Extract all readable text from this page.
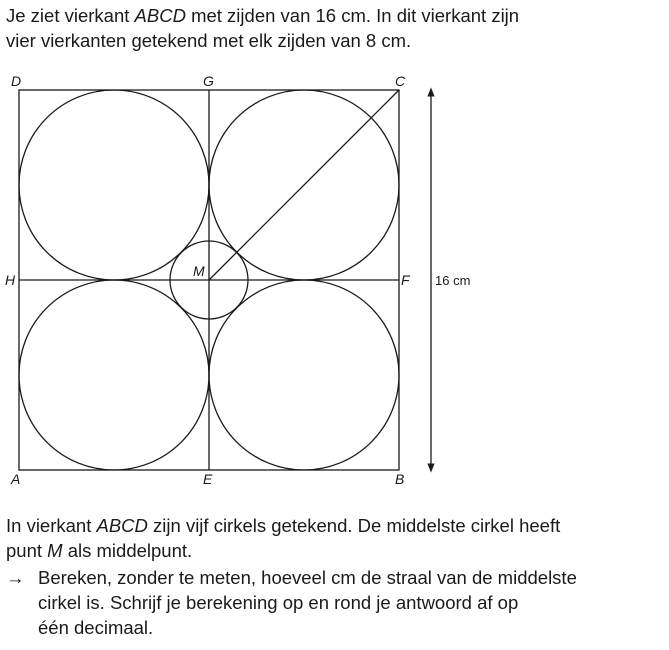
Je ziet vierkant ABCD met zijden van 16 cm. In dit vierkant zijn
vier vierkanten getekend met elk zijden van 8 cm.

D	G	C
H
M
F
A	E	B
16 cm

In vierkant ABCD zijn vijf cirkels getekend. De middelste cirkel heeft
punt M als middelpunt.

→ Bereken, zonder te meten, hoeveel cm de straal van de middelste
cirkel is. Schrijf je berekening op en rond je antwoord af op
één decimaal.
